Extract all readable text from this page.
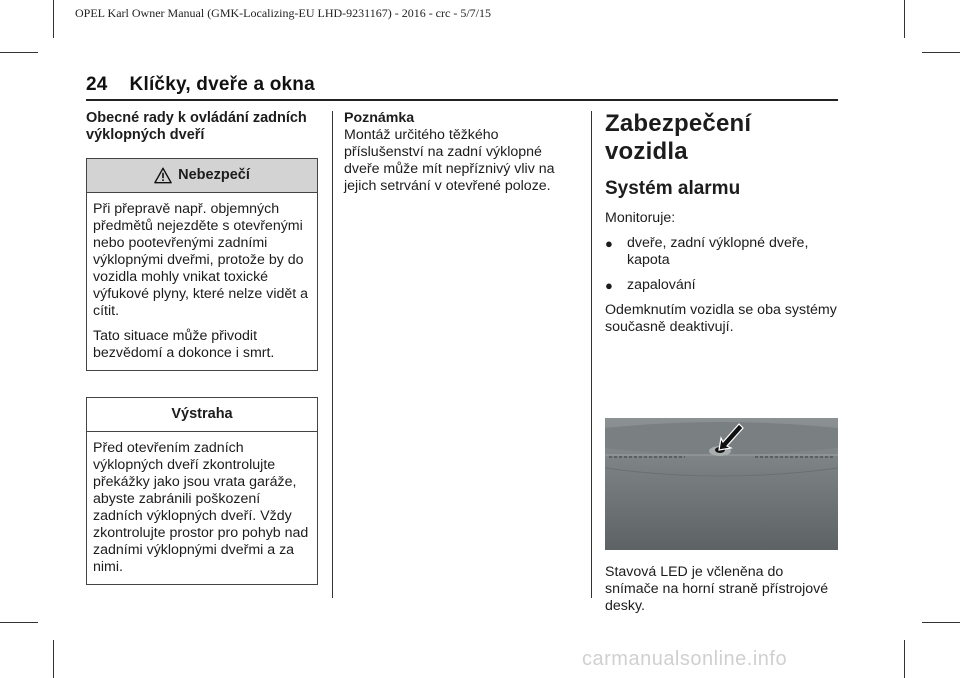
OPEL Karl Owner Manual (GMK-Localizing-EU LHD-9231167) - 2016 - crc - 5/7/15
24 Klíčky, dveře a okna
Obecné rady k ovládání zadních výklopných dveří
Nebezpečí

Při přepravě např. objemných předmětů nejezděte s otevřenými nebo pootevřenými zadními výklopnými dveřmi, protože by do vozidla mohly vnikat toxické výfukové plyny, které nelze vidět a cítit.

Tato situace může přivodit bezvědomí a dokonce i smrt.

Výstraha

Před otevřením zadních výklopných dveří zkontrolujte překážky jako jsou vrata garáže, abyste zabránili poškození zadních výklopných dveří. Vždy zkontrolujte prostor pro pohyb nad zadními výklopnými dveřmi a za nimi.

Poznámka

Montáž určitého těžkého příslušenství na zadní výklopné dveře může mít nepříznivý vliv na jejich setrvání v otevřené poloze.

Zabezpečení vozidla
Systém alarmu

Monitoruje:

● dveře, zadní výklopné dveře, kapota
● zapalování

Odemknutím vozidla se oba systémy současně deaktivují.

Stavová LED je včleněna do snímače na horní straně přístrojové desky.

carmanualsonline.info
